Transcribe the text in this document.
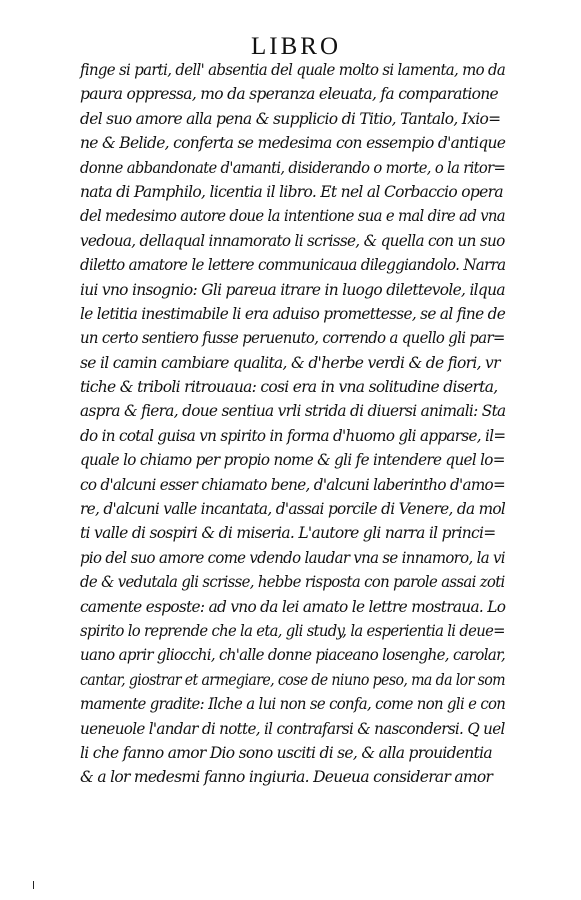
LIBRO
finge si parti, dell' absentia del quale molto si lamenta, mo da
paura oppressa, mo da speranza eleuata, fa comparatione
del suo amore alla pena & supplicio di Titio, Tantalo, Ixio=
ne & Belide, conferta se medesima con essempio d'antique
donne abbandonate d'amanti, disiderando o morte, o la ritor=
nata di Pamphilo, licentia il libro. Et nel al Corbaccio opera
del medesimo autore doue la intentione sua e mal dire ad vna
vedoua, dellaqual innamorato li scrisse, & quella con un suo
diletto amatore le lettere communicaua dileggiandolo. Narra
iui vno insognio: Gli pareua itrare in luogo dilettevole, ilqua
le letitia inestimabile li era aduiso promettesse, se al fine de
un certo sentiero fusse peruenuto, correndo a quello gli par=
se il camin cambiare qualita, & d'herbe verdi & de fiori, vr
tiche & triboli ritrouaua: cosi era in vna solitudine diserta,
aspra & fiera, doue sentiua vrli strida di diuersi animali: Sta
do in cotal guisa vn spirito in forma d'huomo gli apparse, il=
quale lo chiamo per propio nome & gli fe intendere quel lo=
co d'alcuni esser chiamato bene, d'alcuni laberintho d'amo=
re, d'alcuni valle incantata, d'assai porcile di Venere, da mol
ti valle di sospiri & di miseria. L'autore gli narra il princi=
pio del suo amore come vdendo laudar vna se innamoro, la vi
de & vedutala gli scrisse, hebbe risposta con parole assai zoti
camente esposte: ad vno da lei amato le lettre mostraua. Lo
spirito lo reprende che la eta, gli study, la esperientia li deue=
uano aprir gliocchi, ch'alle donne piaceano losenghe, carolar,
cantar, giostrar et armegiare, cose de niuno peso, ma da lor som
mamente gradite: Ilche a lui non se confa, come non gli e con
ueneuole l'andar di notte, il contrafarsi & nascondersi. Q uel
li che fanno amor Dio sono usciti di se, & alla prouidentia
& a lor medesmi fanno ingiuria. Deueua considerar amor
